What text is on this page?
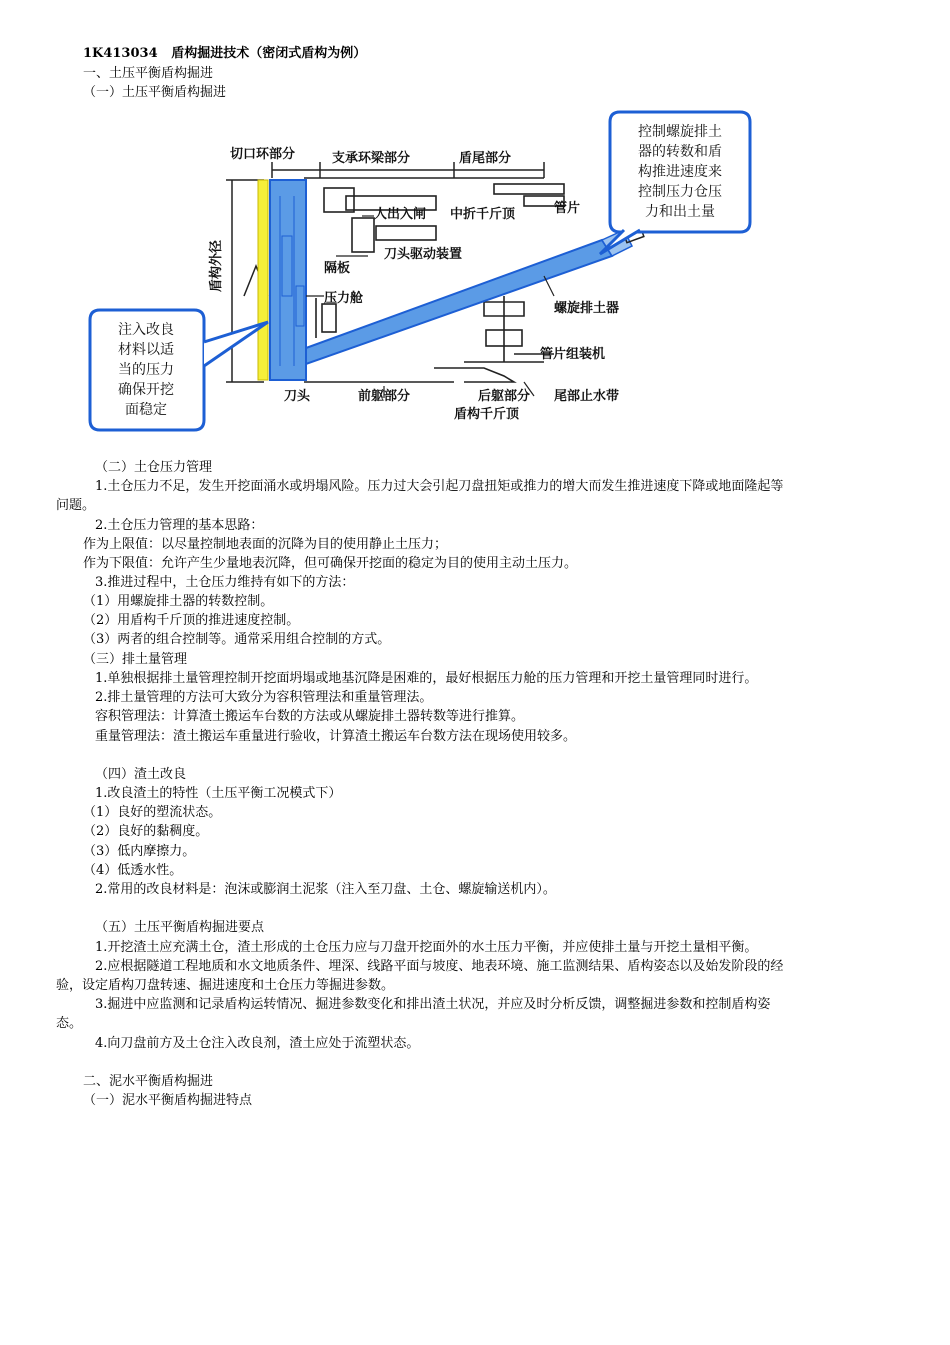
1K413034 盾构掘进技术（密闭式盾构为例）
一、土压平衡盾构掘进
（一）土压平衡盾构掘进
切口环部分	支承环梁部分	盾尾部分
盾构外径
人出入闸 中折千斤顶	管片
刀头驱动装置
隔板
压力舱
螺旋排土器
管片组装机
刀头	前躯部分	后躯部分 尾部止水带
盾构千斤顶
控制螺旋排土
器的转数和盾
构推进速度来
控制压力仓压
力和出土量
注入改良
材料以适
当的压力
确保开挖
面稳定
（二）土仓压力管理
1.土仓压力不足，发生开挖面涌水或坍塌风险。压力过大会引起刀盘扭矩或推力的增大而发生推进速度下降或地面隆起等
问题。
2.土仓压力管理的基本思路：
作为上限值：以尽量控制地表面的沉降为目的使用静止土压力；
作为下限值：允许产生少量地表沉降，但可确保开挖面的稳定为目的使用主动土压力。
3.推进过程中，土仓压力维持有如下的方法：
（1）用螺旋排土器的转数控制。
（2）用盾构千斤顶的推进速度控制。
（3）两者的组合控制等。通常采用组合控制的方式。
（三）排土量管理
1.单独根据排土量管理控制开挖面坍塌或地基沉降是困难的，最好根据压力舱的压力管理和开挖土量管理同时进行。
2.排土量管理的方法可大致分为容积管理法和重量管理法。
容积管理法：计算渣土搬运车台数的方法或从螺旋排土器转数等进行推算。
重量管理法：渣土搬运车重量进行验收，计算渣土搬运车台数方法在现场使用较多。
（四）渣土改良
1.改良渣土的特性（土压平衡工况模式下）
（1）良好的塑流状态。
（2）良好的黏稠度。
（3）低内摩擦力。
（4）低透水性。
2.常用的改良材料是：泡沫或膨润土泥浆（注入至刀盘、土仓、螺旋输送机内）。
（五）土压平衡盾构掘进要点
1.开挖渣土应充满土仓，渣土形成的土仓压力应与刀盘开挖面外的水土压力平衡，并应使排土量与开挖土量相平衡。
2.应根据隧道工程地质和水文地质条件、埋深、线路平面与坡度、地表环境、施工监测结果、盾构姿态以及始发阶段的经
验，设定盾构刀盘转速、掘进速度和土仓压力等掘进参数。
3.掘进中应监测和记录盾构运转情况、掘进参数变化和排出渣土状况，并应及时分析反馈，调整掘进参数和控制盾构姿
态。
4.向刀盘前方及土仓注入改良剂，渣土应处于流塑状态。
二、泥水平衡盾构掘进
（一）泥水平衡盾构掘进特点
